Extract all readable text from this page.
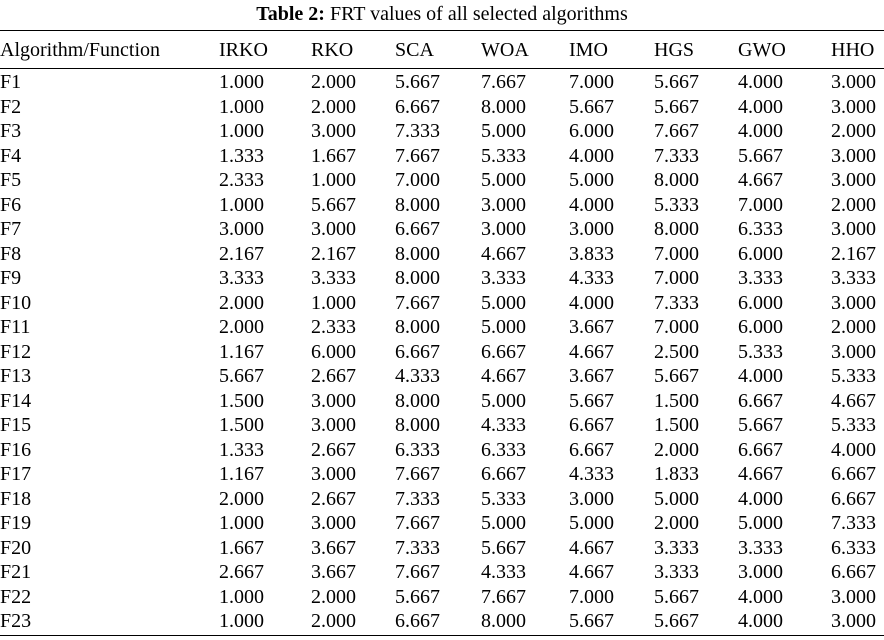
Table 2: FRT values of all selected algorithms
Algorithm/Function	IRKO	RKO	SCA	WOA	IMO	HGS	GWO	HHO

F1	1.000	2.000	5.667	7.667	7.000	5.667	4.000	3.000
F2	1.000	2.000	6.667	8.000	5.667	5.667	4.000	3.000
F3	1.000	3.000	7.333	5.000	6.000	7.667	4.000	2.000
F4	1.333	1.667	7.667	5.333	4.000	7.333	5.667	3.000
F5	2.333	1.000	7.000	5.000	5.000	8.000	4.667	3.000
F6	1.000	5.667	8.000	3.000	4.000	5.333	7.000	2.000
F7	3.000	3.000	6.667	3.000	3.000	8.000	6.333	3.000
F8	2.167	2.167	8.000	4.667	3.833	7.000	6.000	2.167
F9	3.333	3.333	8.000	3.333	4.333	7.000	3.333	3.333
F10	2.000	1.000	7.667	5.000	4.000	7.333	6.000	3.000
F11	2.000	2.333	8.000	5.000	3.667	7.000	6.000	2.000
F12	1.167	6.000	6.667	6.667	4.667	2.500	5.333	3.000
F13	5.667	2.667	4.333	4.667	3.667	5.667	4.000	5.333
F14	1.500	3.000	8.000	5.000	5.667	1.500	6.667	4.667
F15	1.500	3.000	8.000	4.333	6.667	1.500	5.667	5.333
F16	1.333	2.667	6.333	6.333	6.667	2.000	6.667	4.000
F17	1.167	3.000	7.667	6.667	4.333	1.833	4.667	6.667
F18	2.000	2.667	7.333	5.333	3.000	5.000	4.000	6.667
F19	1.000	3.000	7.667	5.000	5.000	2.000	5.000	7.333
F20	1.667	3.667	7.333	5.667	4.667	3.333	3.333	6.333
F21	2.667	3.667	7.667	4.333	4.667	3.333	3.000	6.667
F22	1.000	2.000	5.667	7.667	7.000	5.667	4.000	3.000
F23	1.000	2.000	6.667	8.000	5.667	5.667	4.000	3.000
